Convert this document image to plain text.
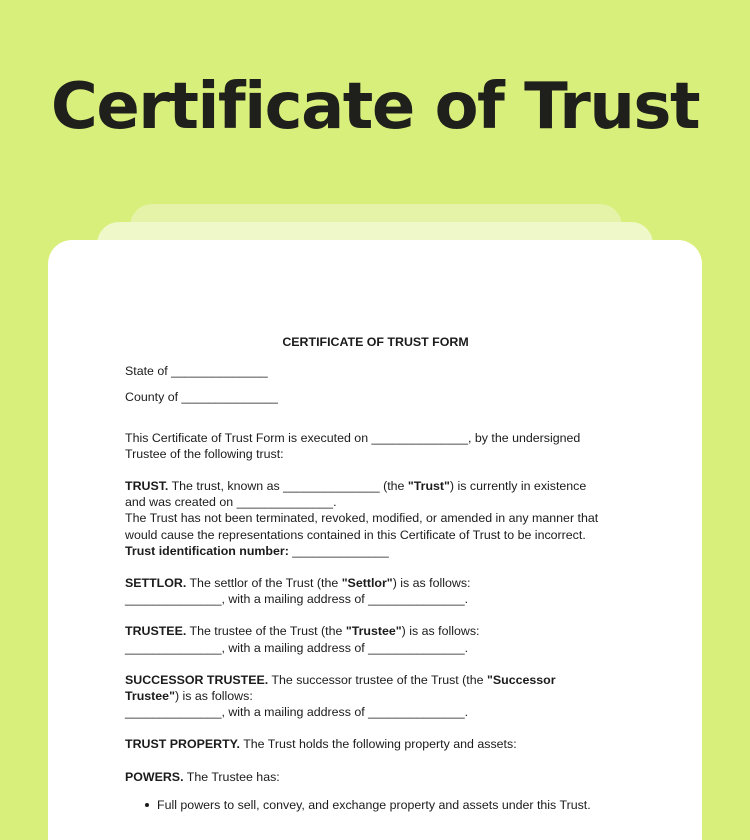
Certificate of Trust
CERTIFICATE OF TRUST FORM
State of ______________
County of ______________
This Certificate of Trust Form is executed on ______________, by the undersigned
Trustee of the following trust:
TRUST. The trust, known as ______________ (the "Trust") is currently in existence
and was created on ______________.
The Trust has not been terminated, revoked, modified, or amended in any manner that
would cause the representations contained in this Certificate of Trust to be incorrect.
Trust identification number: ______________
SETTLOR. The settlor of the Trust (the "Settlor") is as follows:
______________, with a mailing address of ______________.
TRUSTEE. The trustee of the Trust (the "Trustee") is as follows:
______________, with a mailing address of ______________.
SUCCESSOR TRUSTEE. The successor trustee of the Trust (the "Successor
Trustee") is as follows:
______________, with a mailing address of ______________.
TRUST PROPERTY. The Trust holds the following property and assets:
POWERS. The Trustee has:
Full powers to sell, convey, and exchange property and assets under this Trust.
